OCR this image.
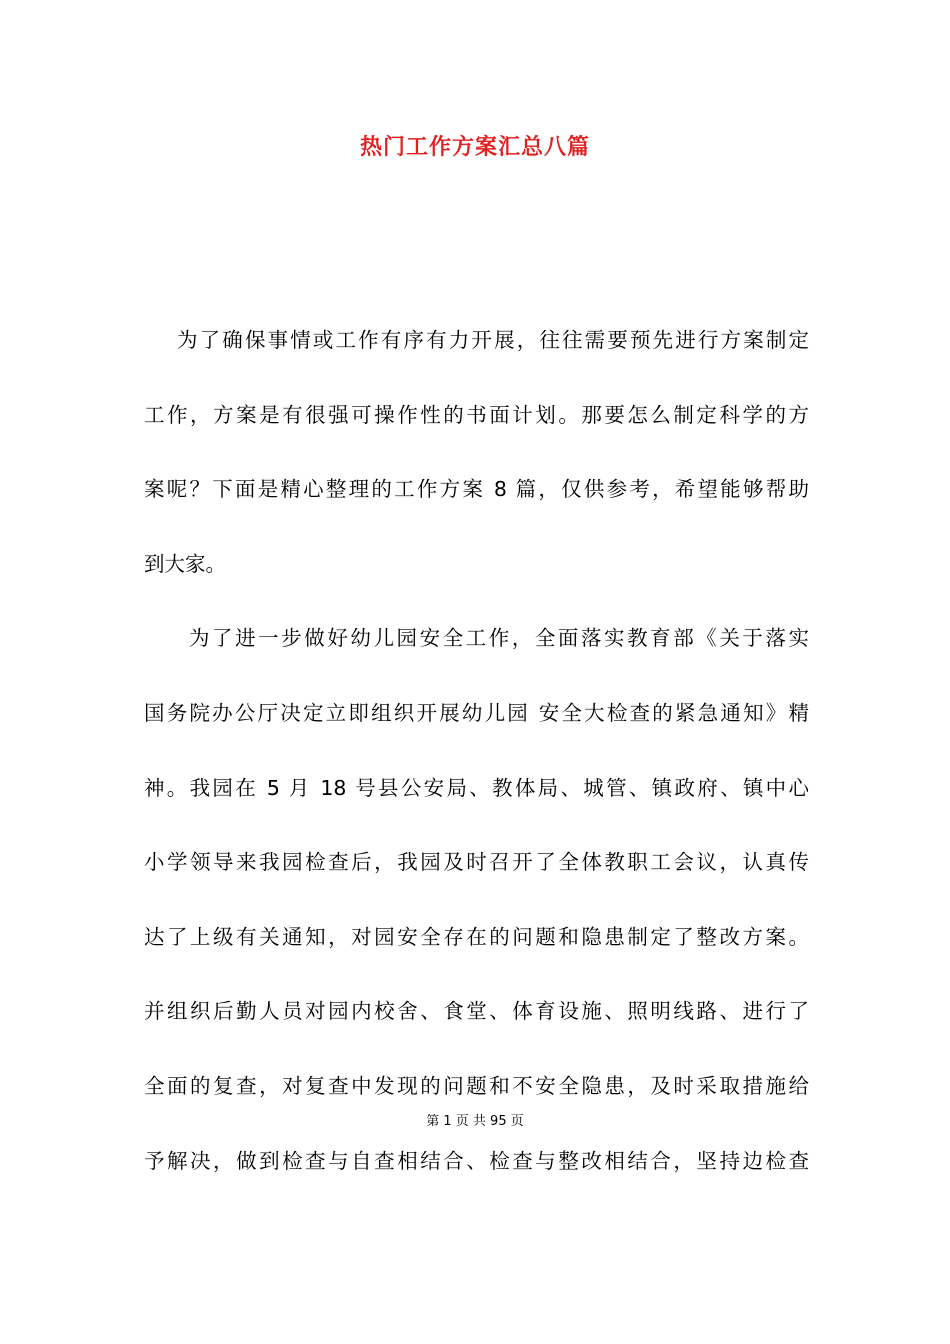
热门工作方案汇总八篇
为了确保事情或工作有序有力开展，往往需要预先进行方案制定
工作，方案是有很强可操作性的书面计划。那要怎么制定科学的方
案呢？下面是精心整理的工作方案 8 篇，仅供参考，希望能够帮助
到大家。
为了进一步做好幼儿园安全工作，全面落实教育部《关于落实
国务院办公厅决定立即组织开展幼儿园 安全大检查的紧急通知》精
神。我园在 5 月 18 号县公安局、教体局、城管、镇政府、镇中心
小学领导来我园检查后，我园及时召开了全体教职工会议，认真传
达了上级有关通知，对园安全存在的问题和隐患制定了整改方案。
并组织后勤人员对园内校舍、食堂、体育设施、照明线路、进行了
全面的复查，对复查中发现的问题和不安全隐患，及时采取措施给
予解决，做到检查与自查相结合、检查与整改相结合，坚持边检查
第 1 页 共 95 页
